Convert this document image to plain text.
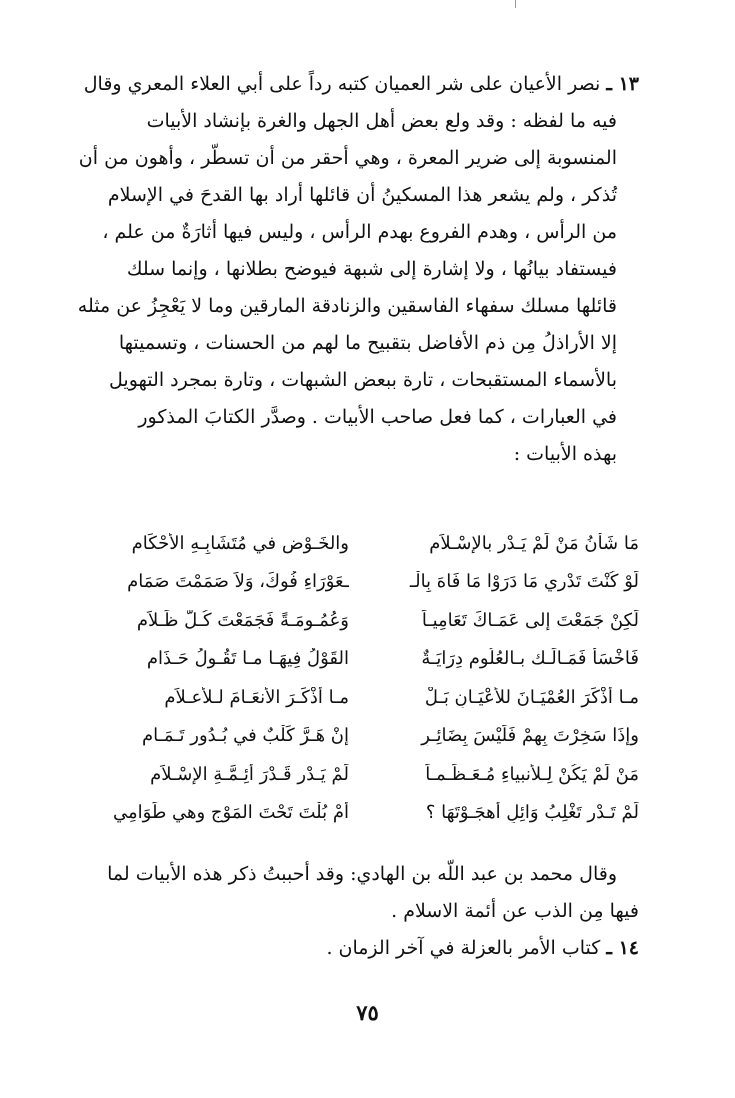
١٣ ـ نصر الأعيان على شر العميان كتبه رداً على أبي العلاء المعري وقال
فيه ما لفظه : وقد ولع بعض أهل الجهل والغرة بإنشاد الأبيات
المنسوبة إلى ضرير المعرة ، وهي أحقر من أن تسطّر ، وأهون من أن
تُذكر ، ولم يشعر هذا المسكينُ أن قائلها أراد بها القدحَ في الإسلام
من الرأس ، وهدم الفروع بهدم الرأس ، وليس فيها أثارَةٌ من علم ،
فيستفاد بيانُها ، ولا إشارة إلى شبهة فيوضح بطلانها ، وإنما سلك
قائلها مسلك سفهاء الفاسقين والزنادقة المارقين وما لا يَعْجِزُ عن مثله
إلا الأراذلُ مِن ذم الأفاضل بتقبيح ما لهم من الحسنات ، وتسميتها
بالأسماء المستقبحات ، تارة ببعض الشبهات ، وتارة بمجرد التهويل
في العبارات ، كما فعل صاحب الأبيات . وصدَّر الكتابَ المذكور
بهذه الأبيات :
مَا شَأْنُ مَنْ لَمْ يَـدْرِ بالإِسْـلاَمِ
والخَـوْضِ في مُتَشَابِـهِ الأَحْكَامِ
لَوْ كُنْتَ تَدْرِي مَا دَرَوْا مَا فَاهَ بِالْـ
ـعَوْرَاءِ فُوكَ، وَلاَ صَمَمْتَ صَمَامِ
لَكِنْ جَمَعْتَ إلى عَمَـاكَ تَعَامِيـاً
وَعُمُـومَـةً فَجَمَعْتَ كُـلَّ ظَـلاَمِ
فَاخْسَأْ فَمَـالَـك بـالعُلُومِ دِرَايَـةٌ
القَوْلُ فِيهَـا مـا تَقُـولُ حَـذَامِ
مـا أَذْكَرَ العُمْيَـانَ للأعْيَـانِ بَـلْ
مـا أَذْكَـرَ الأنعَـامَ لـلأعـلاَمِ
وإِذَا سَخِرْتَ بِهِمْ فَلَيْسَ بِضَائِـرٍ
إِنْ هَـرَّ كَلْبٌ في بُـدُورِ تَـمَـامِ
مَنْ لَمْ يَكُنْ لِـلأنبياءِ مُـعَـظِّـمـاً
لَمْ يَـدْرِ قَـدْرَ أَئِـمَّـةِ الإِسْـلاَمِ
لَمْ تَـدْرِ تَغْلِبُ وَائِلٍ أَهجَـوْتَهَا ؟
أَمْ بُلْتَ تَحْتَ المَوْجِ وهي طَوَامِي
وقال محمد بن عبد اللّه بن الهادي: وقد أحببتُ ذكر هذه الأبيات لما
فيها مِن الذب عن أئمة الاسلام .
١٤ ـ كتاب الأمر بالعزلة في آخر الزمان .
٧٥
